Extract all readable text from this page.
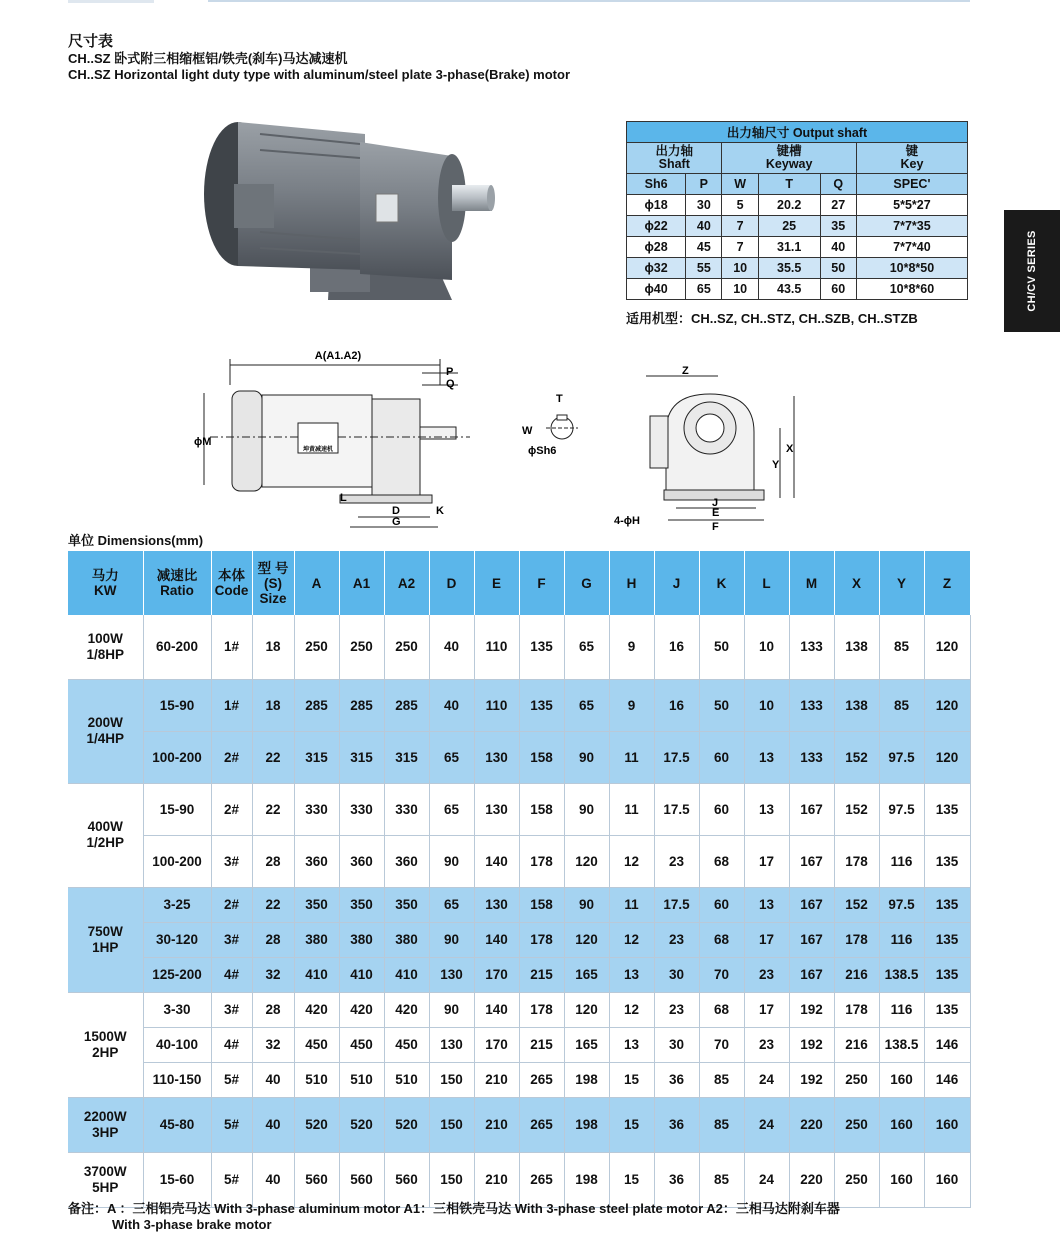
尺寸表
CH..SZ 卧式附三相缩框铝/铁壳(刹车)马达减速机
CH..SZ Horizontal light duty type with aluminum/steel plate 3-phase(Brake) motor
CH/CV SERIES
出力轴尺寸 Output shaft					
出力轴
Shaft		键槽
Keyway			键
Key
Sh6	P	W	T	Q	SPEC'
ϕ18	30	5	20.2	27	5*5*27
ϕ22	40	7	25	35	7*7*35
ϕ28	45	7	31.1	40	7*7*40
ϕ32	55	10	35.5	50	10*8*50
ϕ40	65	10	43.5	60	10*8*60
适用机型：CH..SZ, CH..STZ, CH..SZB, CH..STZB
A(A1.A2)
P
Q
ϕM
L
D
G
K
坤黄减速机
T
W
ϕSh6
Z
X
Y
4-ϕH
J
E
F
单位 Dimensions(mm)
马力
KW	减速比
Ratio	本体
Code	型 号
(S)
Size	A	A1	A2	D	E	F	G	H	J	K	L	M	X	Y	Z
100W
1/8HP	60-200	1#	18	250	250	250	40	110	135	65	9	16	50	10	133	138	85	120
200W
1/4HP	15-90	1#	18	285	285	285	40	110	135	65	9	16	50	10	133	138	85	120
	100-200	2#	22	315	315	315	65	130	158	90	11	17.5	60	13	133	152	97.5	120
400W
1/2HP	15-90	2#	22	330	330	330	65	130	158	90	11	17.5	60	13	167	152	97.5	135
	100-200	3#	28	360	360	360	90	140	178	120	12	23	68	17	167	178	116	135
750W
1HP	3-25	2#	22	350	350	350	65	130	158	90	11	17.5	60	13	167	152	97.5	135
	30-120	3#	28	380	380	380	90	140	178	120	12	23	68	17	167	178	116	135
	125-200	4#	32	410	410	410	130	170	215	165	13	30	70	23	167	216	138.5	135
1500W
2HP	3-30	3#	28	420	420	420	90	140	178	120	12	23	68	17	192	178	116	135
	40-100	4#	32	450	450	450	130	170	215	165	13	30	70	23	192	216	138.5	146
	110-150	5#	40	510	510	510	150	210	265	198	15	36	85	24	192	250	160	146
2200W
3HP	45-80	5#	40	520	520	520	150	210	265	198	15	36	85	24	220	250	160	160
3700W
5HP	15-60	5#	40	560	560	560	150	210	265	198	15	36	85	24	220	250	160	160
备注：A ：三相铝壳马达 With 3-phase aluminum motor A1：三相铁壳马达 With 3-phase steel plate motor A2：三相马达附刹车器
With 3-phase brake motor
